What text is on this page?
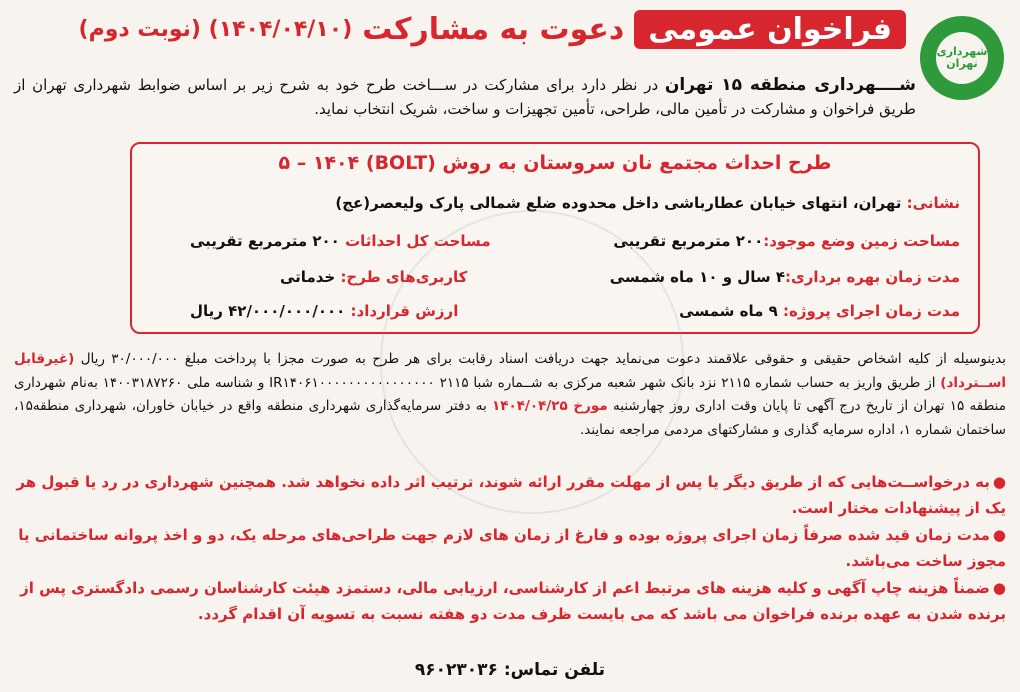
شهرداری تهران
فراخوان عمومی
دعوت به مشارکت
(۱۴۰۴/۰۴/۱۰) (نوبت دوم)
شــــهرداری منطقه ۱۵ تهران در نظر دارد برای مشارکت در ســـاخت طرح خود به شرح زیر بر اساس ضوابط شهرداری تهران از طریق فراخوان و مشارکت در تأمین مالی، طراحی، تأمین تجهیزات و ساخت، شریک انتخاب نماید.
طرح احداث مجتمع نان سروستان به روش (BOLT) ۵ – ۱۴۰۴
نشانی: تهران، انتهای خیابان عطارباشی داخل محدوده ضلع شمالی پارک ولیعصر(عج)
مساحت زمین وضع موجود:۲۰۰ مترمربع تقریبی
مساحت کل احداثات ۲۰۰ مترمربع تقریبی
مدت زمان بهره برداری:۴ سال و ۱۰ ماه شمسی
کاربری‌های طرح: خدماتی
مدت زمان اجرای پروژه: ۹ ماه شمسی
ارزش قرارداد: ۴۲/۰۰۰/۰۰۰/۰۰۰ ریال
بدینوسیله از کلیه اشخاص حقیقی و حقوقی علاقمند دعوت می‌نماید جهت دریافت اسناد رقابت برای هر طرح به صورت مجزا با پرداخت مبلغ ۳۰/۰۰۰/۰۰۰ ریال (غیرقابل اســترداد) از طریق واریز به حساب شماره ۲۱۱۵ نزد بانک شهر شعبه مرکزی به شــماره شبا ۲۱۱۵ IR۱۴۰۶۱۰۰۰۰۰۰۰۰۰۰۰۰۰۰۰۰ و شناسه ملی ۱۴۰۰۳۱۸۷۲۶۰ به‌نام شهرداری منطقه ۱۵ تهران از تاریخ درج آگهی تا پایان وقت اداری روز چهارشنبه مورخ ۱۴۰۴/۰۴/۲۵ به دفتر سرمایه‌گذاری شهرداری منطقه واقع در خیابان خاوران، شهرداری منطقه۱۵، ساختمان شماره ۱، اداره سرمایه گذاری و مشارکتهای مردمی مراجعه نمایند.
●به درخواســت‌هایی که از طریق دیگر یا پس از مهلت مقرر ارائه شوند، ترتیب اثر داده نخواهد شد. همچنین شهرداری در رد یا قبول هر یک از پیشنهادات مختار است.
●مدت زمان قید شده صرفاً زمان اجرای پروژه بوده و فارغ از زمان های لازم جهت طراحی‌های مرحله یک، دو و اخذ پروانه ساختمانی یا مجوز ساخت می‌باشد.
●ضمناً هزینه چاپ آگهی و کلیه هزینه های مرتبط اعم از کارشناسی، ارزیابی مالی، دستمزد هیئت کارشناسان رسمی دادگستری پس از برنده شدن به عهده برنده فراخوان می باشد که می بایست ظرف مدت دو هفته نسبت به تسویه آن اقدام گردد.
تلفن تماس: ۹۶۰۲۳۰۳۶
